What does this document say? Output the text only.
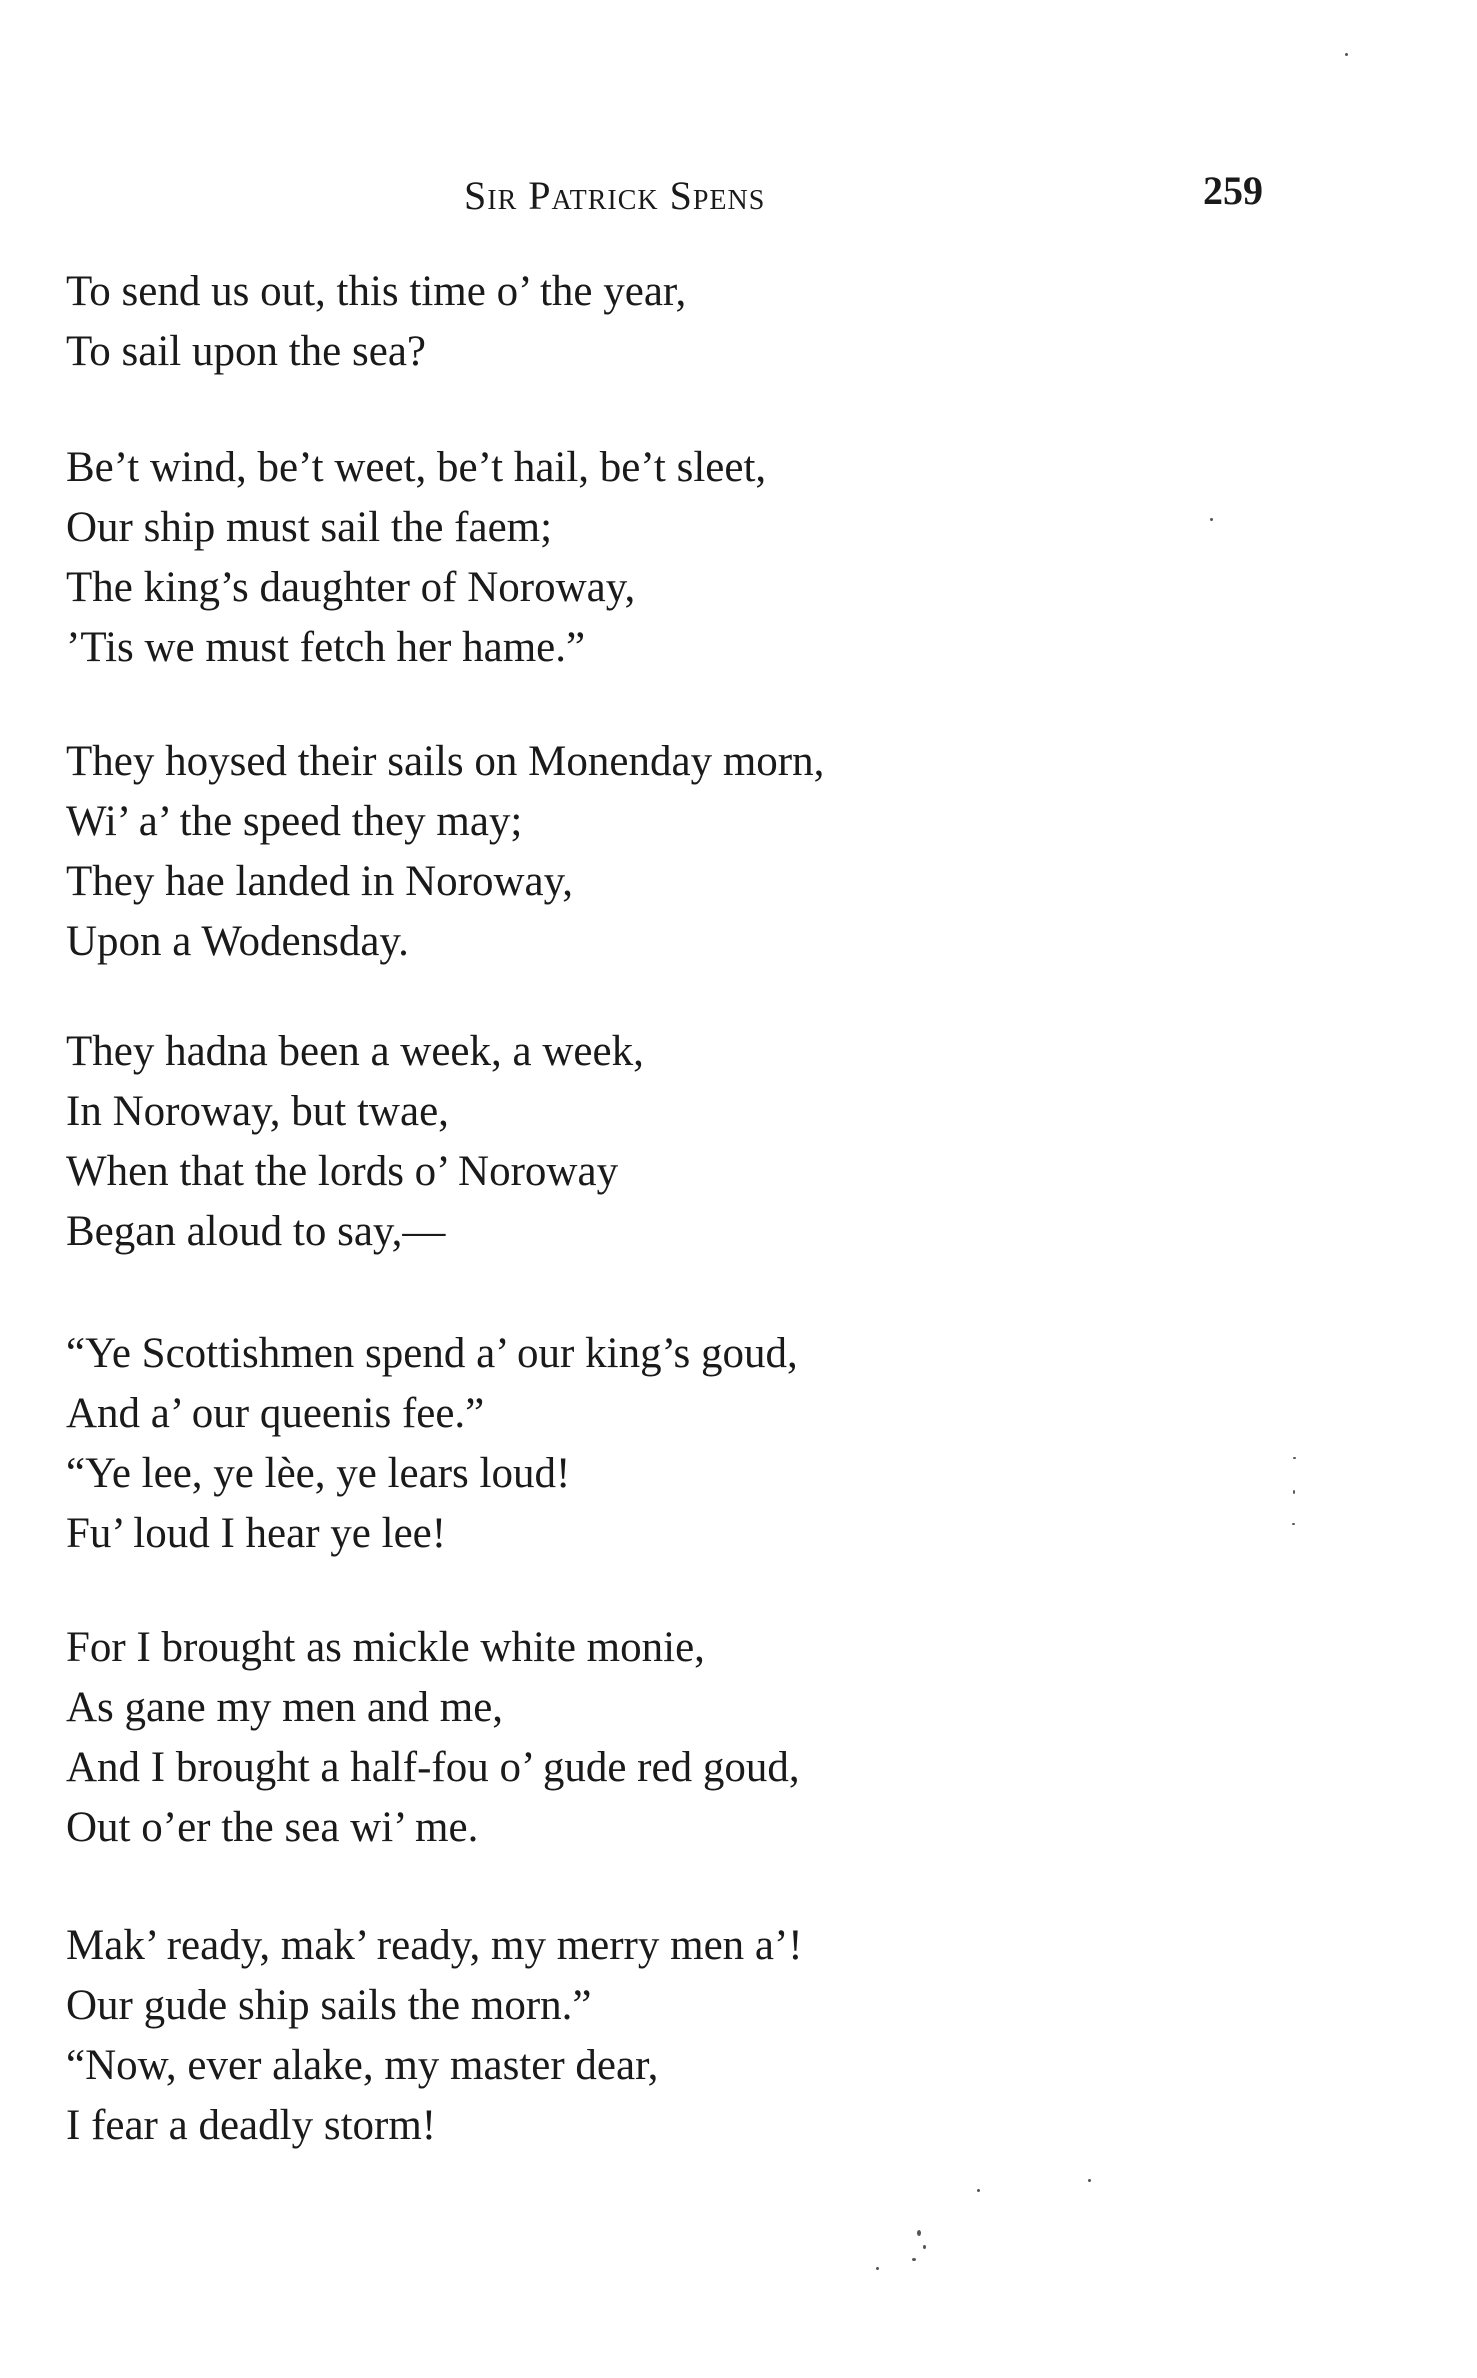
Sir Patrick Spens	259
To send us out, this time o’ the year,
To sail upon the sea?
Be’t wind, be’t weet, be’t hail, be’t sleet,
Our ship must sail the faem;
The king’s daughter of Noroway,
’Tis we must fetch her hame.”
They hoysed their sails on Monenday morn,
Wi’ a’ the speed they may;
They hae landed in Noroway,
Upon a Wodensday.
They hadna been a week, a week,
In Noroway, but twae,
When that the lords o’ Noroway
Began aloud to say,—
“Ye Scottishmen spend a’ our king’s goud,
And a’ our queenis fee.”
“Ye lee, ye lèe, ye lears loud!
Fu’ loud I hear ye lee!
For I brought as mickle white monie,
As gane my men and me,
And I brought a half-fou o’ gude red goud,
Out o’er the sea wi’ me.
Mak’ ready, mak’ ready, my merry men a’!
Our gude ship sails the morn.”
“Now, ever alake, my master dear,
I fear a deadly storm!
